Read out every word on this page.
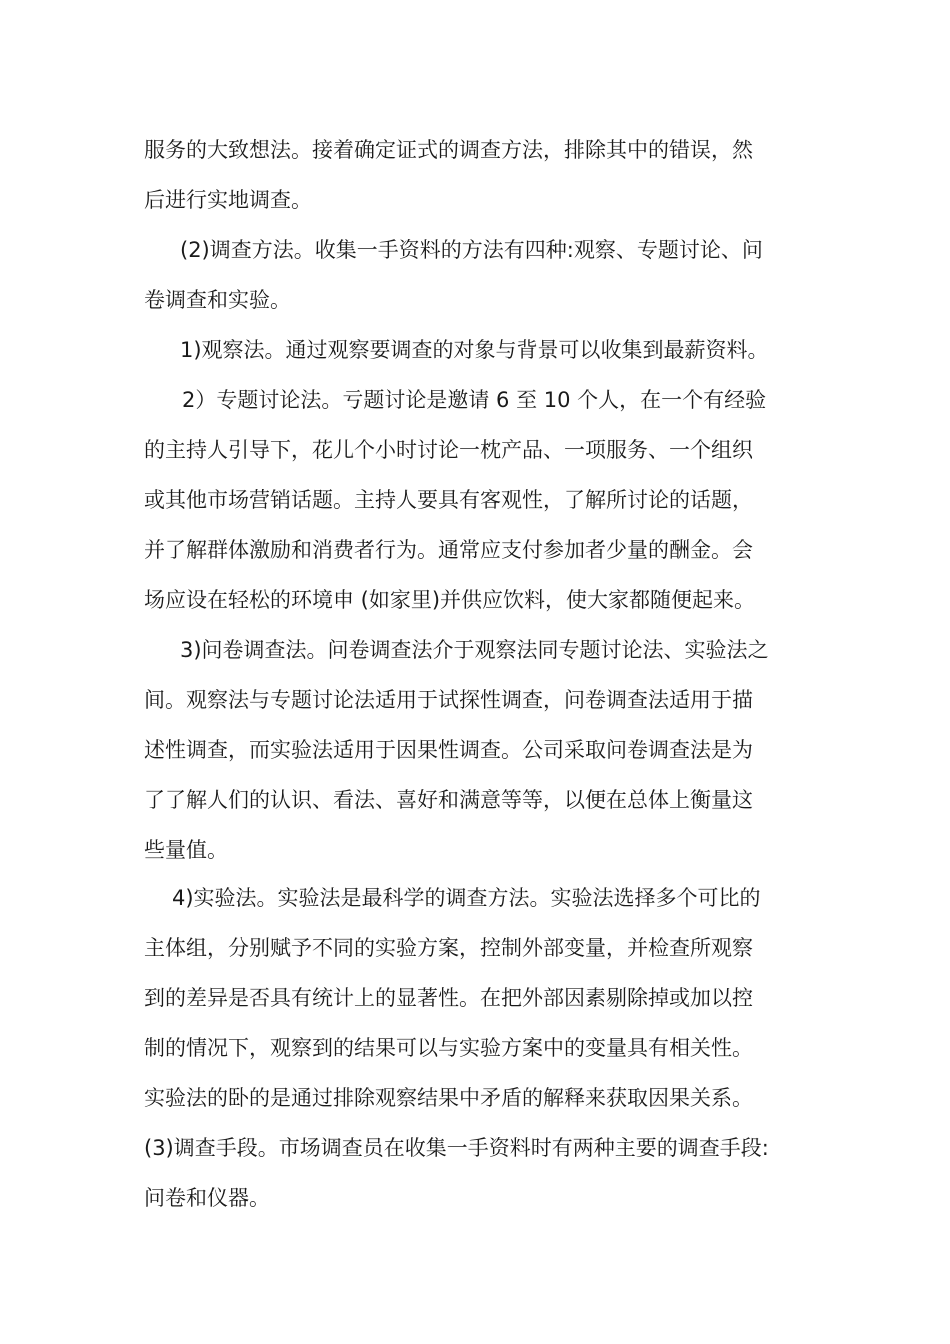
服务的大致想法。接着确定证式的调查方法，排除其中的错误，然

后进行实地调查。

(2)调查方法。收集一手资料的方法有四种:观察、专题讨论、问

卷调查和实验。

1)观察法。通过观察要调查的对象与背景可以收集到最薪资料。

2）专题讨论法。亏题讨论是邀请 6 至 10 个人，在一个有经验

的主持人引导下，花儿个小时讨论一枕产品、一项服务、一个组织

或其他市场营销话题。主持人要具有客观性，了解所讨论的话题，

并了解群体激励和消费者行为。通常应支付参加者少量的酬金。会

场应设在轻松的环境申 (如家里)并供应饮料，使大家都随便起来。

3)问卷调查法。问卷调查法介于观察法同专题讨论法、实验法之

间。观察法与专题讨论法适用于试探性调查，问卷调查法适用于描

述性调查，而实验法适用于因果性调查。公司采取问卷调查法是为

了了解人们的认识、看法、喜好和满意等等，以便在总体上衡量这

些量值。

4)实验法。实验法是最科学的调查方法。实验法选择多个可比的

主体组，分别赋予不同的实验方案，控制外部变量，并检查所观察

到的差异是否具有统计上的显著性。在把外部因素剔除掉或加以控

制的情况下，观察到的结果可以与实验方案中的变量具有相关性。

实验法的卧的是通过排除观察结果中矛盾的解释来获取因果关系。

(3)调查手段。市场调查员在收集一手资料时有两种主要的调查手段:

问卷和仪器。
